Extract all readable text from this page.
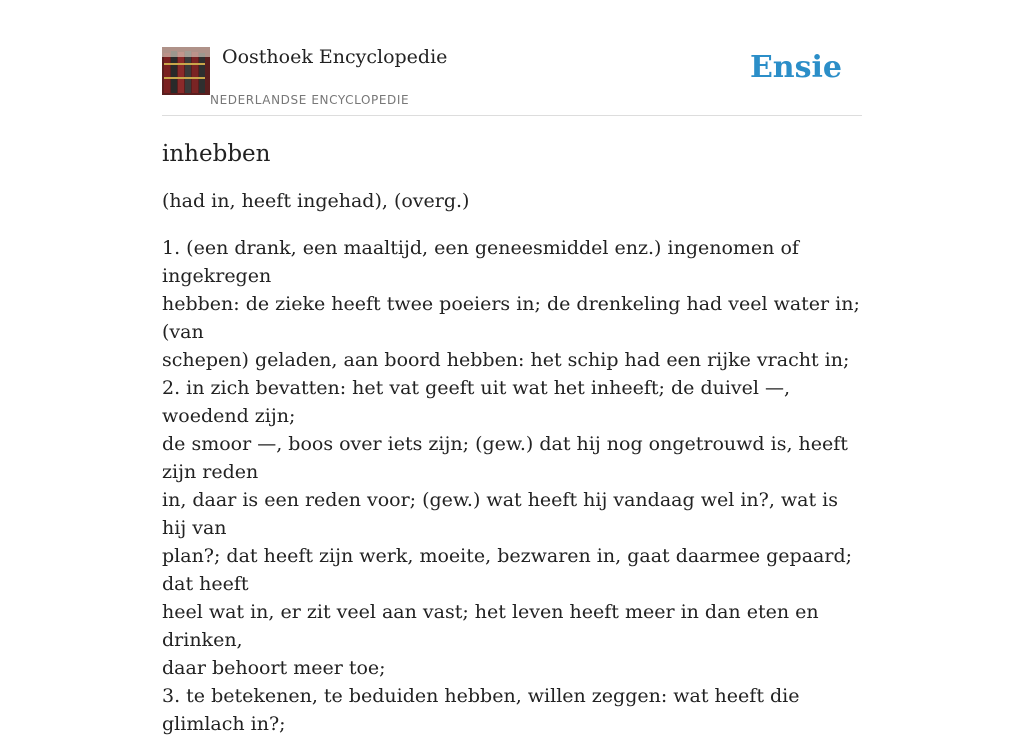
Oosthoek Encyclopedie
NEDERLANDSE ENCYCLOPEDIE
Ensie
inhebben

(had in, heeft ingehad), (overg.)

1. (een drank, een maaltijd, een geneesmiddel enz.) ingenomen of ingekregen
hebben: de zieke heeft twee poeiers in; de drenkeling had veel water in; (van
schepen) geladen, aan boord hebben: het schip had een rijke vracht in;
2. in zich bevatten: het vat geeft uit wat het inheeft; de duivel —, woedend zijn;
de smoor —, boos over iets zijn; (gew.) dat hij nog ongetrouwd is, heeft zijn reden
in, daar is een reden voor; (gew.) wat heeft hij vandaag wel in?, wat is hij van
plan?; dat heeft zijn werk, moeite, bezwaren in, gaat daarmee gepaard; dat heeft
heel wat in, er zit veel aan vast; het leven heeft meer in dan eten en drinken,
daar behoort meer toe;
3. te betekenen, te beduiden hebben, willen zeggen: wat heeft die glimlach in?;
